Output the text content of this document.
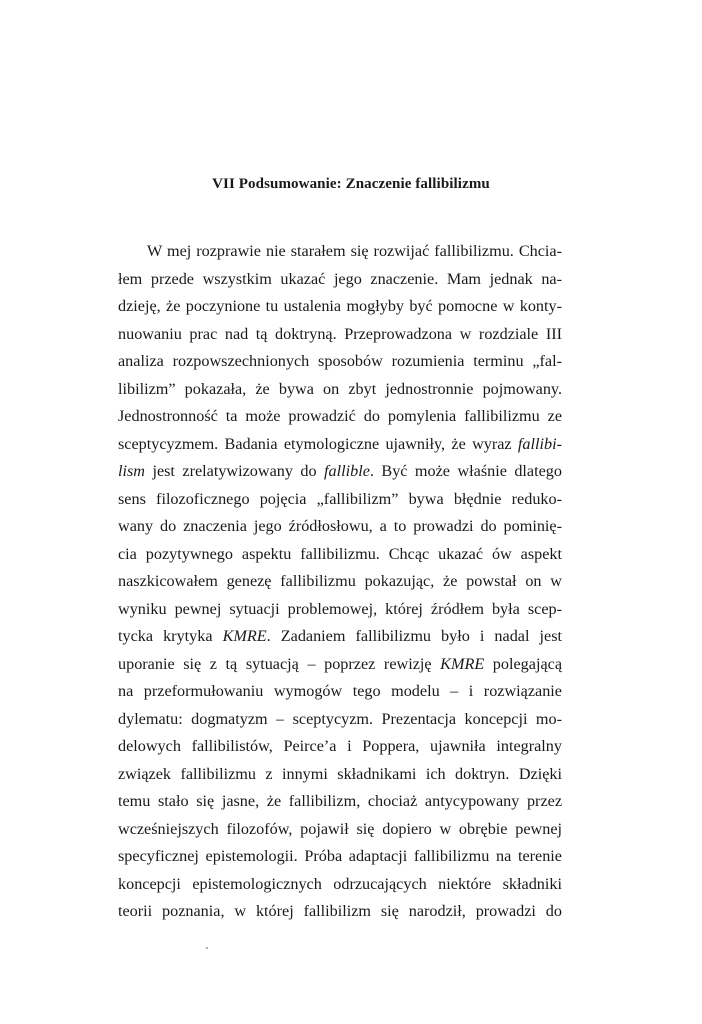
VII Podsumowanie: Znaczenie fallibilizmu
W mej rozprawie nie starałem się rozwijać fallibilizmu. Chcia-
łem przede wszystkim ukazać jego znaczenie. Mam jednak na-
dzieję, że poczynione tu ustalenia mogłyby być pomocne w konty-
nuowaniu prac nad tą doktryną. Przeprowadzona w rozdziale III
analiza rozpowszechnionych sposobów rozumienia terminu „fal-
libilizm” pokazała, że bywa on zbyt jednostronnie pojmowany.
Jednostronność ta może prowadzić do pomylenia fallibilizmu ze
sceptycyzmem. Badania etymologiczne ujawniły, że wyraz fallibi-
lism jest zrelatywizowany do fallible. Być może właśnie dlatego
sens filozoficznego pojęcia „fallibilizm” bywa błędnie reduko-
wany do znaczenia jego źródłosłowu, a to prowadzi do pominię-
cia pozytywnego aspektu fallibilizmu. Chcąc ukazać ów aspekt
naszkicowałem genezę fallibilizmu pokazując, że powstał on w
wyniku pewnej sytuacji problemowej, której źródłem była scep-
tycka krytyka KMRE. Zadaniem fallibilizmu było i nadal jest
uporanie się z tą sytuacją – poprzez rewizję KMRE polegającą
na przeformułowaniu wymogów tego modelu – i rozwiązanie
dylematu: dogmatyzm – sceptycyzm. Prezentacja koncepcji mo-
delowych fallibilistów, Peirce’a i Poppera, ujawniła integralny
związek fallibilizmu z innymi składnikami ich doktryn. Dzięki
temu stało się jasne, że fallibilizm, chociaż antycypowany przez
wcześniejszych filozofów, pojawił się dopiero w obrębie pewnej
specyficznej epistemologii. Próba adaptacji fallibilizmu na terenie
koncepcji epistemologicznych odrzucających niektóre składniki
teorii poznania, w której fallibilizm się narodził, prowadzi do
